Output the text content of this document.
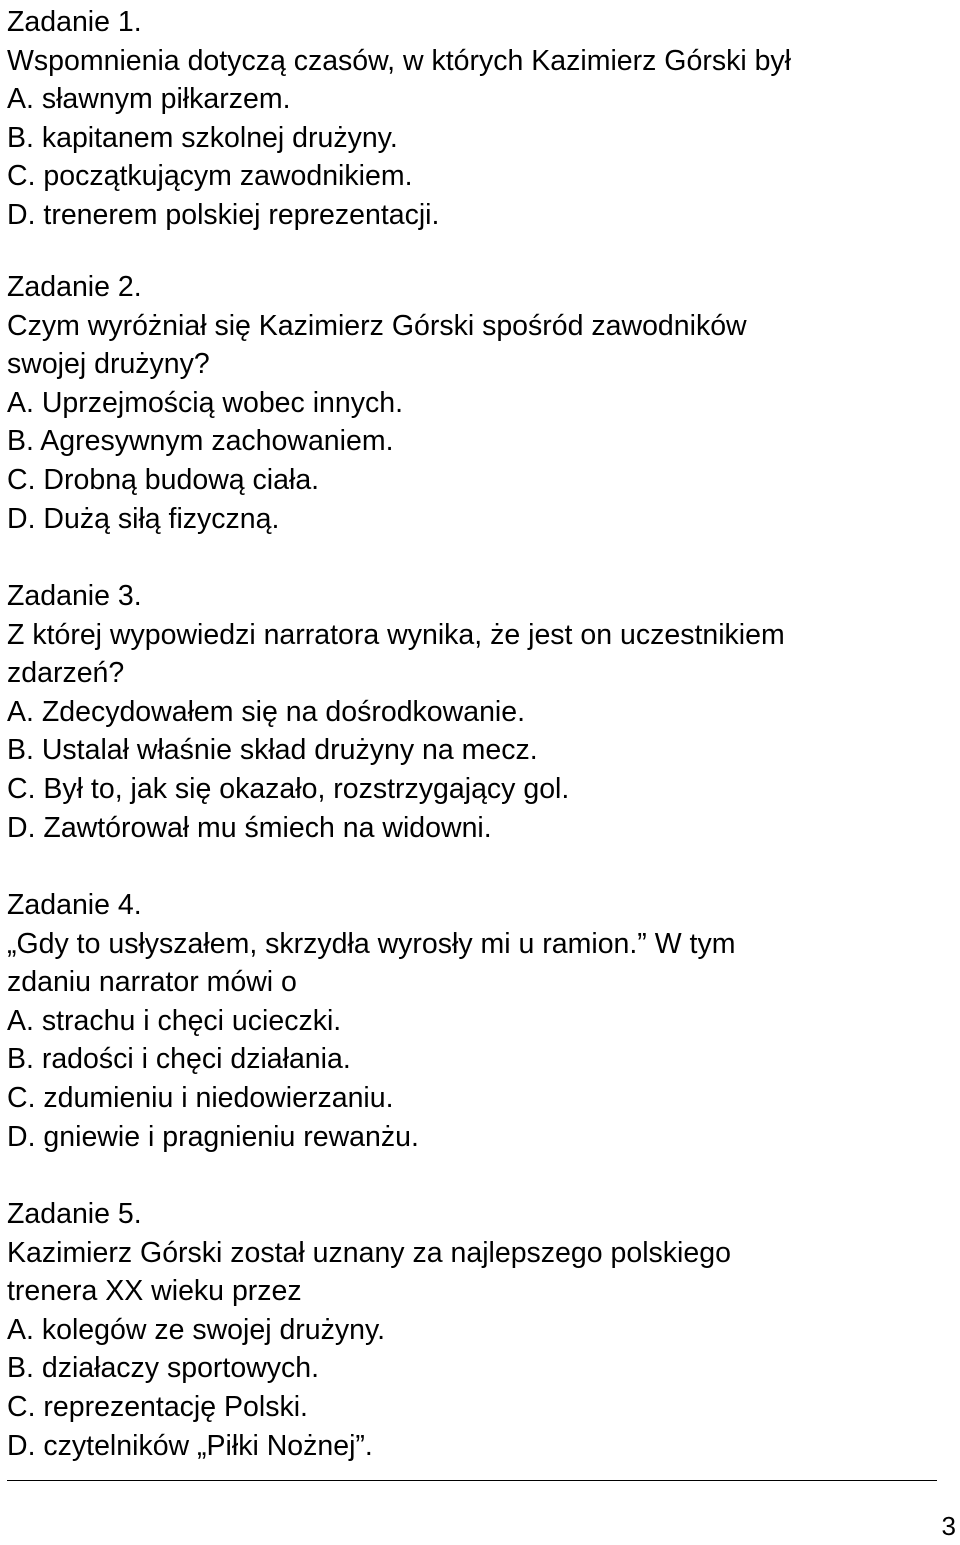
Zadanie 1.
Wspomnienia dotyczą czasów, w których Kazimierz Górski był
A. sławnym piłkarzem.
B. kapitanem szkolnej drużyny.
C. początkującym zawodnikiem.
D. trenerem polskiej reprezentacji.
Zadanie 2.
Czym wyróżniał się Kazimierz Górski spośród zawodników
swojej drużyny?
A. Uprzejmością wobec innych.
B. Agresywnym zachowaniem.
C. Drobną budową ciała.
D. Dużą siłą fizyczną.
Zadanie 3.
Z której wypowiedzi narratora wynika, że jest on uczestnikiem
zdarzeń?
A. Zdecydowałem się na dośrodkowanie.
B. Ustalał właśnie skład drużyny na mecz.
C. Był to, jak się okazało, rozstrzygający gol.
D. Zawtórował mu śmiech na widowni.
Zadanie 4.
„Gdy to usłyszałem, skrzydła wyrosły mi u ramion.” W tym
zdaniu narrator mówi o
A. strachu i chęci ucieczki.
B. radości i chęci działania.
C. zdumieniu i niedowierzaniu.
D. gniewie i pragnieniu rewanżu.
Zadanie 5.
Kazimierz Górski został uznany za najlepszego polskiego
trenera XX wieku przez
A. kolegów ze swojej drużyny.
B. działaczy sportowych.
C. reprezentację Polski.
D. czytelników „Piłki Nożnej”.
3
